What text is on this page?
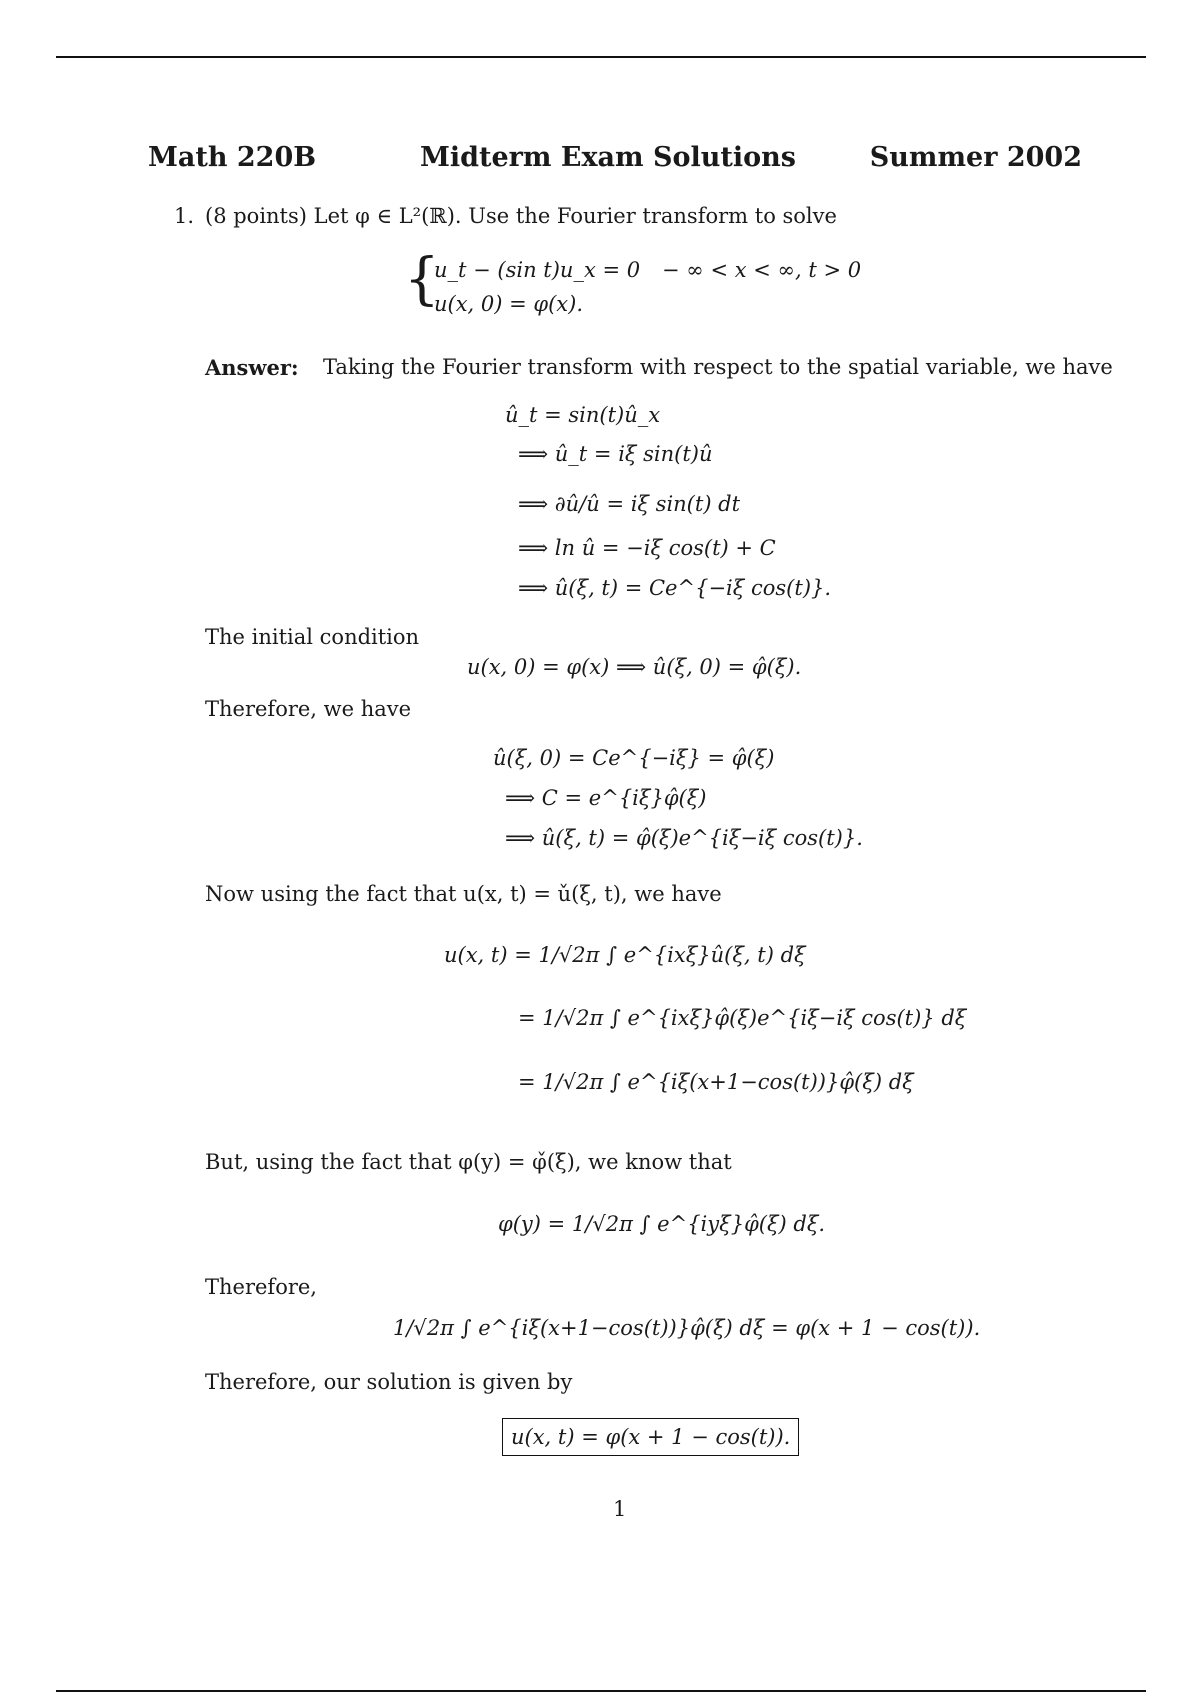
Math 220B	Midterm Exam Solutions	Summer 2002
1. (8 points) Let φ ∈ L²(ℝ). Use the Fourier transform to solve
{
u_t − (sin t)u_x = 0 − ∞ < x < ∞, t > 0
u(x, 0) = φ(x).
Answer: Taking the Fourier transform with respect to the spatial variable, we have
û_t = sin(t)û_x
⟹ û_t = iξ sin(t)û
⟹ ∂û/û = iξ sin(t) dt
⟹ ln û = −iξ cos(t) + C
⟹ û(ξ, t) = Ce^{−iξ cos(t)}.
The initial condition
u(x, 0) = φ(x) ⟹ û(ξ, 0) = φ̂(ξ).
Therefore, we have
û(ξ, 0) = Ce^{−iξ} = φ̂(ξ)
⟹ C = e^{iξ}φ̂(ξ)
⟹ û(ξ, t) = φ̂(ξ)e^{iξ−iξ cos(t)}.
Now using the fact that u(x, t) = ǔ(ξ, t), we have
u(x, t) = 1/√2π ∫ e^{ixξ}û(ξ, t) dξ
= 1/√2π ∫ e^{ixξ}φ̂(ξ)e^{iξ−iξ cos(t)} dξ
= 1/√2π ∫ e^{iξ(x+1−cos(t))}φ̂(ξ) dξ
But, using the fact that φ(y) = φ̌(ξ), we know that
φ(y) = 1/√2π ∫ e^{iyξ}φ̂(ξ) dξ.
Therefore,
1/√2π ∫ e^{iξ(x+1−cos(t))}φ̂(ξ) dξ = φ(x + 1 − cos(t)).
Therefore, our solution is given by
u(x, t) = φ(x + 1 − cos(t)).
1
